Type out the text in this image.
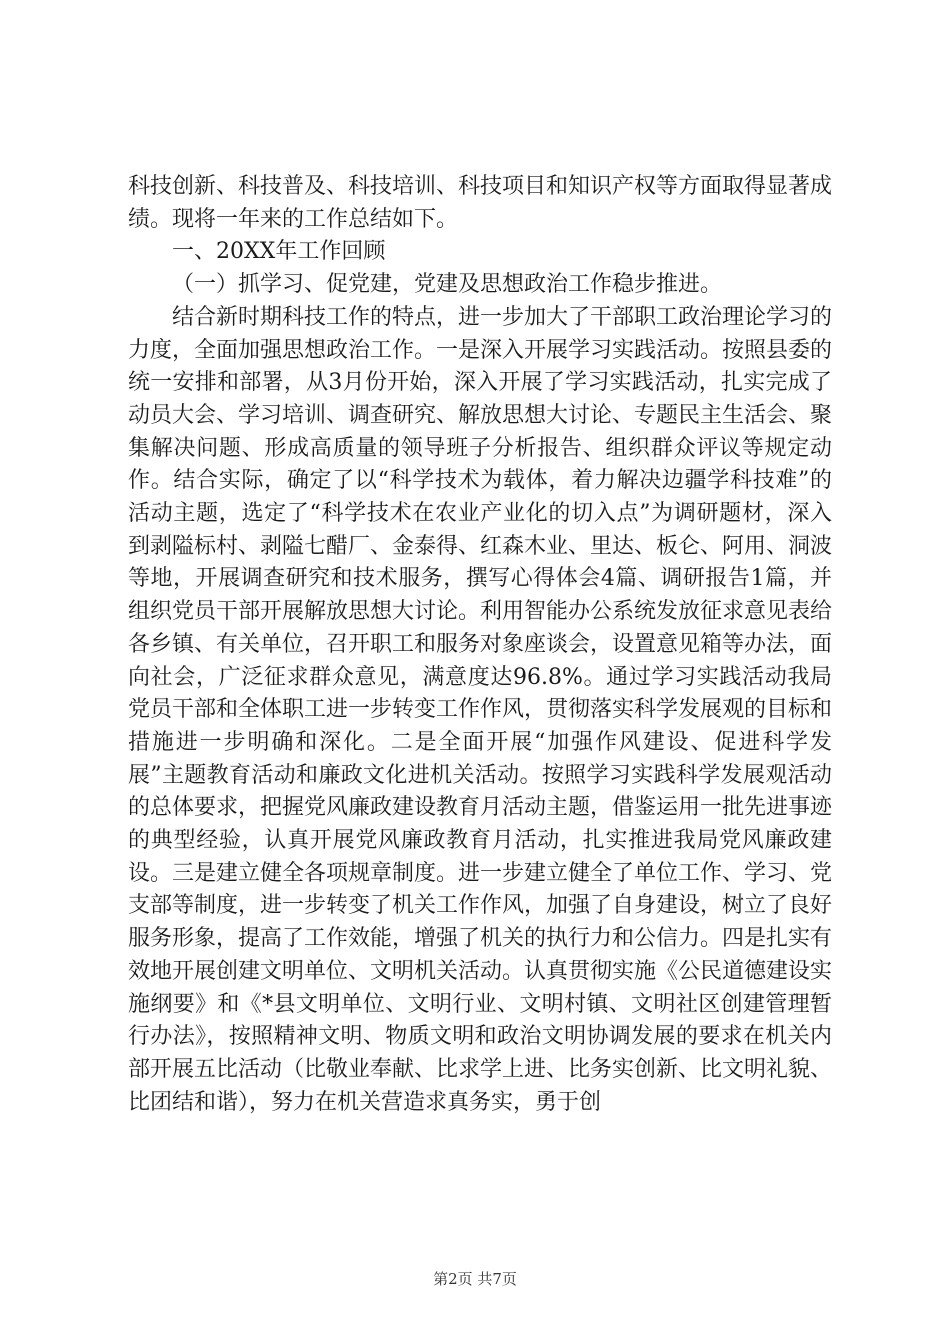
科技创新、科技普及、科技培训、科技项目和知识产权等方面取得显著成绩。现将一年来的工作总结如下。

一、20XX年工作回顾

（一）抓学习、促党建，党建及思想政治工作稳步推进。

结合新时期科技工作的特点，进一步加大了干部职工政治理论学习的力度，全面加强思想政治工作。一是深入开展学习实践活动。按照县委的统一安排和部署，从3月份开始，深入开展了学习实践活动，扎实完成了动员大会、学习培训、调查研究、解放思想大讨论、专题民主生活会、聚集解决问题、形成高质量的领导班子分析报告、组织群众评议等规定动作。结合实际，确定了以“科学技术为载体，着力解决边疆学科技难”的活动主题，选定了“科学技术在农业产业化的切入点”为调研题材，深入到剥隘标村、剥隘七醋厂、金泰得、红森木业、里达、板仑、阿用、洞波等地，开展调查研究和技术服务，撰写心得体会4篇、调研报告1篇，并组织党员干部开展解放思想大讨论。利用智能办公系统发放征求意见表给各乡镇、有关单位，召开职工和服务对象座谈会，设置意见箱等办法，面向社会，广泛征求群众意见，满意度达96.8%。通过学习实践活动我局党员干部和全体职工进一步转变工作作风，贯彻落实科学发展观的目标和措施进一步明确和深化。二是全面开展“加强作风建设、促进科学发展”主题教育活动和廉政文化进机关活动。按照学习实践科学发展观活动的总体要求，把握党风廉政建设教育月活动主题，借鉴运用一批先进事迹的典型经验，认真开展党风廉政教育月活动，扎实推进我局党风廉政建设。三是建立健全各项规章制度。进一步建立健全了单位工作、学习、党支部等制度，进一步转变了机关工作作风，加强了自身建设，树立了良好服务形象，提高了工作效能，增强了机关的执行力和公信力。四是扎实有效地开展创建文明单位、文明机关活动。认真贯彻实施《公民道德建设实施纲要》和《*县文明单位、文明行业、文明村镇、文明社区创建管理暂行办法》，按照精神文明、物质文明和政治文明协调发展的要求在机关内部开展五比活动（比敬业奉献、比求学上进、比务实创新、比文明礼貌、比团结和谐），努力在机关营造求真务实，勇于创

第2页 共7页
